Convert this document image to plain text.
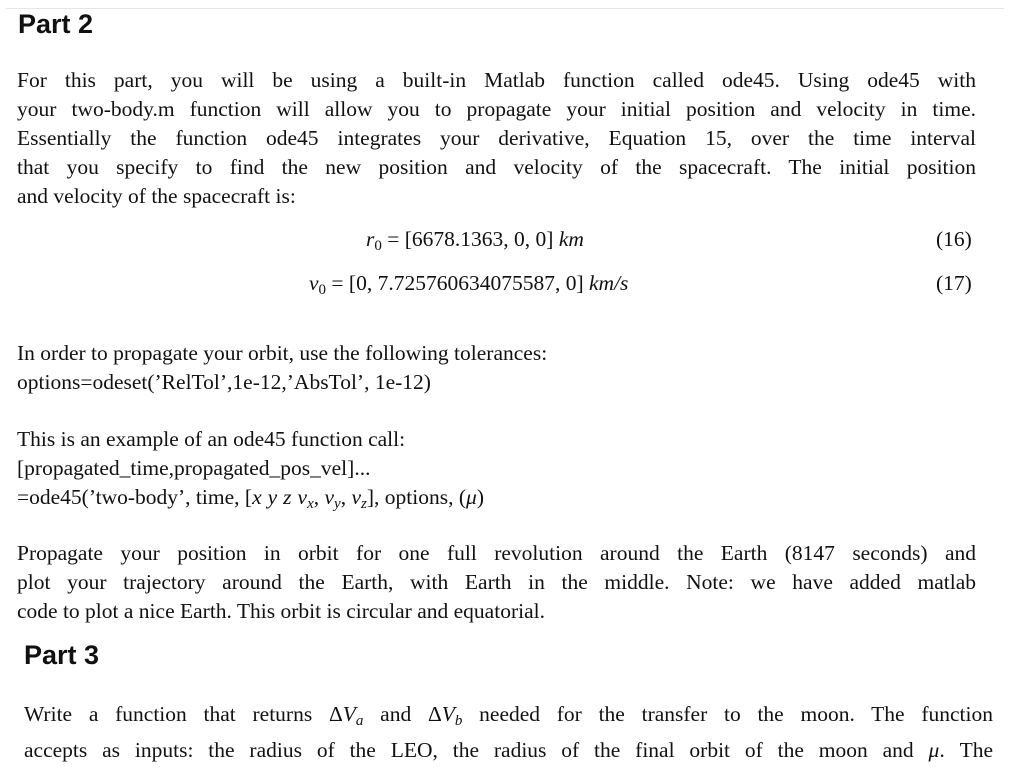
Part 2

For this part, you will be using a built-in Matlab function called ode45. Using ode45 with
your two-body.m function will allow you to propagate your initial position and velocity in time.
Essentially the function ode45 integrates your derivative, Equation 15, over the time interval
that you specify to find the new position and velocity of the spacecraft. The initial position
and velocity of the spacecraft is:

$r_0 = [6678.1363$, 0, 0] km	(16)
$v_0 = [0$, 7.725760634075587, 0] km/s	(17)

In order to propagate your orbit, use the following tolerances:
options=odeset(’RelTol’,1e-12,’AbsTol’, 1e-12)

This is an example of an ode45 function call:
[propagated_time,propagated_pos_vel]...
=ode45(’two-body’, time, [x y z vx, vy, vz], options, (μ)

Propagate your position in orbit for one full revolution around the Earth (8147 seconds) and
plot your trajectory around the Earth, with Earth in the middle. Note: we have added matlab
code to plot a nice Earth. This orbit is circular and equatorial.

Part 3

Write a function that returns ΔVa and ΔVb needed for the transfer to the moon. The function
accepts as inputs: the radius of the LEO, the radius of the final orbit of the moon and μ. The
